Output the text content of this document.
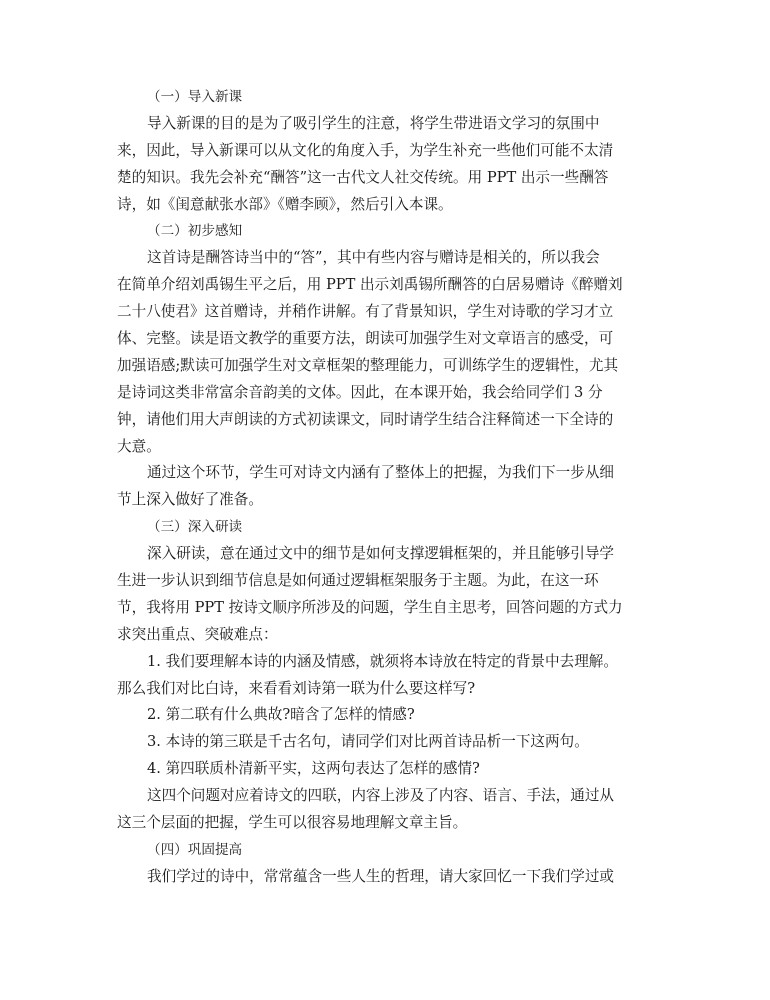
（一）导入新课
导入新课的目的是为了吸引学生的注意，将学生带进语文学习的氛围中
来，因此，导入新课可以从文化的角度入手，为学生补充一些他们可能不太清
楚的知识。我先会补充“酬答”这一古代文人社交传统。用 PPT 出示一些酬答
诗，如《闺意献张水部》《赠李顾》，然后引入本课。
（二）初步感知
这首诗是酬答诗当中的“答”，其中有些内容与赠诗是相关的，所以我会
在简单介绍刘禹锡生平之后，用 PPT 出示刘禹锡所酬答的白居易赠诗《醉赠刘
二十八使君》这首赠诗，并稍作讲解。有了背景知识，学生对诗歌的学习才立
体、完整。读是语文教学的重要方法，朗读可加强学生对文章语言的感受，可
加强语感;默读可加强学生对文章框架的整理能力，可训练学生的逻辑性，尤其
是诗词这类非常富余音韵美的文体。因此，在本课开始，我会给同学们 3 分
钟，请他们用大声朗读的方式初读课文，同时请学生结合注释简述一下全诗的
大意。
通过这个环节，学生可对诗文内涵有了整体上的把握，为我们下一步从细
节上深入做好了准备。
（三）深入研读
深入研读，意在通过文中的细节是如何支撑逻辑框架的，并且能够引导学
生进一步认识到细节信息是如何通过逻辑框架服务于主题。为此，在这一环
节，我将用 PPT 按诗文顺序所涉及的问题，学生自主思考，回答问题的方式力
求突出重点、突破难点：
1. 我们要理解本诗的内涵及情感，就须将本诗放在特定的背景中去理解。
那么我们对比白诗，来看看刘诗第一联为什么要这样写?
2. 第二联有什么典故?暗含了怎样的情感?
3. 本诗的第三联是千古名句，请同学们对比两首诗品析一下这两句。
4. 第四联质朴清新平实，这两句表达了怎样的感情?
这四个问题对应着诗文的四联，内容上涉及了内容、语言、手法，通过从
这三个层面的把握，学生可以很容易地理解文章主旨。
（四）巩固提高
我们学过的诗中，常常蕴含一些人生的哲理，请大家回忆一下我们学过或
